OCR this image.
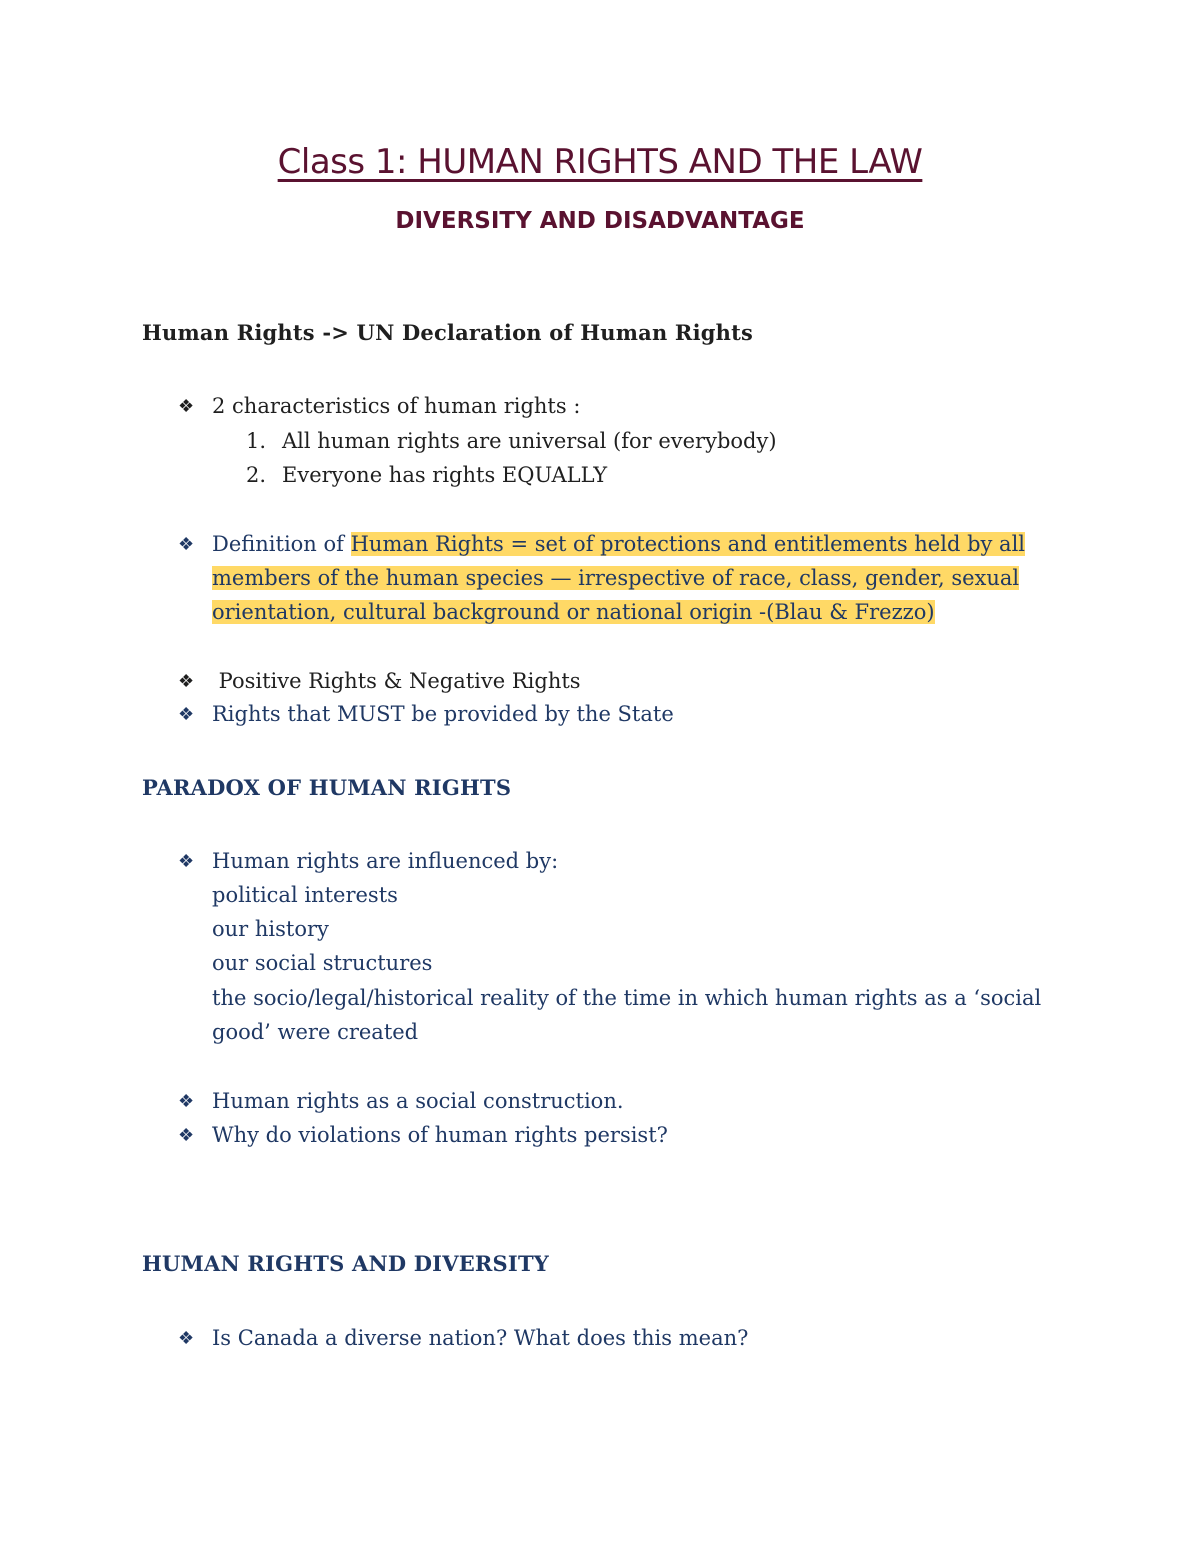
Class 1: HUMAN RIGHTS AND THE LAW
DIVERSITY AND DISADVANTAGE
Human Rights -> UN Declaration of Human Rights
❖ 2 characteristics of human rights :
1. All human rights are universal (for everybody)
2. Everyone has rights EQUALLY
❖ Definition of Human Rights = set of protections and entitlements held by all
members of the human species — irrespective of race, class, gender, sexual
orientation, cultural background or national origin -(Blau & Frezzo)
❖ Positive Rights & Negative Rights
❖ Rights that MUST be provided by the State
PARADOX OF HUMAN RIGHTS
❖ Human rights are influenced by:
political interests
our history
our social structures
the socio/legal/historical reality of the time in which human rights as a ‘social
good’ were created
❖ Human rights as a social construction.
❖ Why do violations of human rights persist?
HUMAN RIGHTS AND DIVERSITY
❖ Is Canada a diverse nation? What does this mean?
